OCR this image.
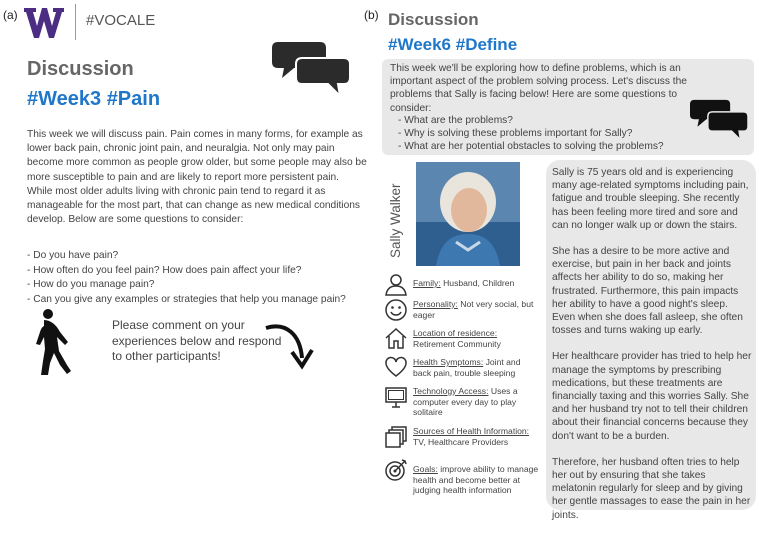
(a)	#VOCALE
Discussion
#Week3 #Pain
This week we will discuss pain. Pain comes in many forms, for example as lower back pain, chronic joint pain, and neuralgia. Not only may pain become more common as people grow older, but some people may also be more susceptible to pain and are likely to report more persistent pain. While most older adults living with chronic pain tend to regard it as manageable for the most part, that can change as new medical conditions develop. Below are some questions to consider:
- Do you have pain?
- How often do you feel pain? How does pain affect your life?
- How do you manage pain?
- Can you give any examples or strategies that help you manage pain?
Please comment on your experiences below and respond to other participants!
(b) Discussion
#Week6 #Define
This week we'll be exploring how to define problems, which is an important aspect of the problem solving process. Let's discuss the problems that Sally is facing below! Here are some questions to consider:
- What are the problems?
- Why is solving these problems important for Sally?
- What are her potential obstacles to solving the problems?
Sally Walker
Family: Husband, Children
Personality: Not very social, but eager
Location of residence:
Retirement Community
Health Symptoms: Joint and back pain, trouble sleeping
Technology Access: Uses a computer every day to play solitaire
Sources of Health Information: TV, Healthcare Providers
Goals: improve ability to manage health and become better at judging health information

Sally is 75 years old and is experiencing many age-related symptoms including pain, fatigue and trouble sleeping. She recently has been feeling more tired and sore and can no longer walk up or down the stairs.

She has a desire to be more active and exercise, but pain in her back and joints affects her ability to do so, making her frustrated. Furthermore, this pain impacts her ability to have a good night's sleep. Even when she does fall asleep, she often tosses and turns waking up early.

Her healthcare provider has tried to help her manage the symptoms by prescribing medications, but these treatments are financially taxing and this worries Sally. She and her husband try not to tell their children about their financial concerns because they don't want to be a burden.

Therefore, her husband often tries to help her out by ensuring that she takes melatonin regularly for sleep and by giving her gentle massages to ease the pain in her joints.
